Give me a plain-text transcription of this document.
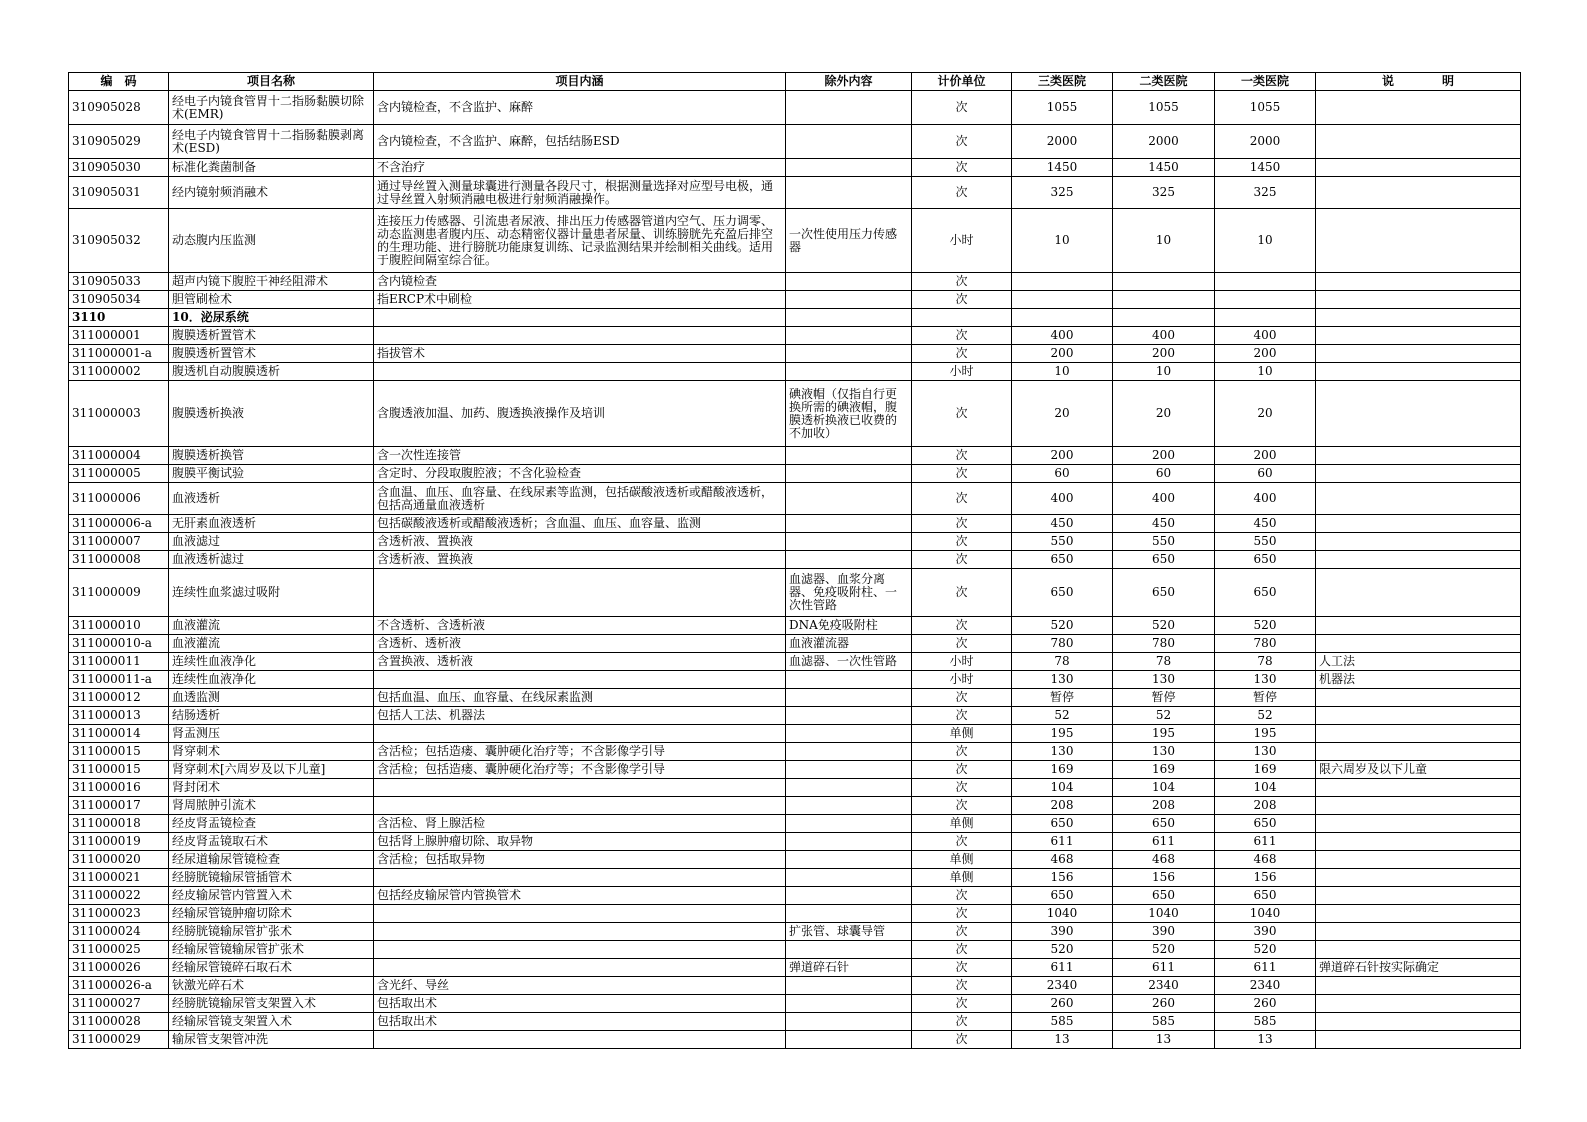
编　码	项目名称	项目内涵	除外内容	计价单位	三类医院	二类医院	一类医院	说　　　　明
310905028	经电子内镜食管胃十二指肠黏膜切除术(EMR)	含内镜检查，不含监护、麻醉		次	1055	1055	1055	
310905029	经电子内镜食管胃十二指肠黏膜剥离术(ESD)	含内镜检查，不含监护、麻醉，包括结肠ESD		次	2000	2000	2000	
310905030	标准化粪菌制备	不含治疗		次	1450	1450	1450	
310905031	经内镜射频消融术	通过导丝置入测量球囊进行测量各段尺寸，根据测量选择对应型号电极，通过导丝置入射频消融电极进行射频消融操作。		次	325	325	325	
310905032	动态腹内压监测	连接压力传感器、引流患者尿液、排出压力传感器管道内空气、压力调零、动态监测患者腹内压、动态精密仪器计量患者尿量、训练膀胱先充盈后排空的生理功能、进行膀胱功能康复训练、记录监测结果并绘制相关曲线。适用于腹腔间隔室综合征。	一次性使用压力传感器	小时	10	10	10	
310905033	超声内镜下腹腔干神经阻滞术	含内镜检查		次				
310905034	胆管刷检术	指ERCP术中刷检		次				
3110	10．泌尿系统							
311000001	腹膜透析置管术			次	400	400	400	
311000001-a	腹膜透析置管术	指拔管术		次	200	200	200	
311000002	腹透机自动腹膜透析			小时	10	10	10	
311000003	腹膜透析换液	含腹透液加温、加药、腹透换液操作及培训	碘液帽（仅指自行更换所需的碘液帽，腹膜透析换液已收费的不加收）	次	20	20	20	
311000004	腹膜透析换管	含一次性连接管		次	200	200	200	
311000005	腹膜平衡试验	含定时、分段取腹腔液；不含化验检查		次	60	60	60	
311000006	血液透析	含血温、血压、血容量、在线尿素等监测，包括碳酸液透析或醋酸液透析，包括高通量血液透析		次	400	400	400	
311000006-a	无肝素血液透析	包括碳酸液透析或醋酸液透析；含血温、血压、血容量、监测		次	450	450	450	
311000007	血液滤过	含透析液、置换液		次	550	550	550	
311000008	血液透析滤过	含透析液、置换液		次	650	650	650	
311000009	连续性血浆滤过吸附		血滤器、血浆分离器、免疫吸附柱、一次性管路	次	650	650	650	
311000010	血液灌流	不含透析、含透析液	DNA免疫吸附柱	次	520	520	520	
311000010-a	血液灌流	含透析、透析液	血液灌流器	次	780	780	780	
311000011	连续性血液净化	含置换液、透析液	血滤器、一次性管路	小时	78	78	78	人工法
311000011-a	连续性血液净化			小时	130	130	130	机器法
311000012	血透监测	包括血温、血压、血容量、在线尿素监测		次	暂停	暂停	暂停	
311000013	结肠透析	包括人工法、机器法		次	52	52	52	
311000014	肾盂测压			单侧	195	195	195	
311000015	肾穿刺术	含活检；包括造瘘、囊肿硬化治疗等；不含影像学引导		次	130	130	130	
311000015	肾穿刺术[六周岁及以下儿童]	含活检；包括造瘘、囊肿硬化治疗等；不含影像学引导		次	169	169	169	限六周岁及以下儿童
311000016	肾封闭术			次	104	104	104	
311000017	肾周脓肿引流术			次	208	208	208	
311000018	经皮肾盂镜检查	含活检、肾上腺活检		单侧	650	650	650	
311000019	经皮肾盂镜取石术	包括肾上腺肿瘤切除、取异物		次	611	611	611	
311000020	经尿道输尿管镜检查	含活检；包括取异物		单侧	468	468	468	
311000021	经膀胱镜输尿管插管术			单侧	156	156	156	
311000022	经皮输尿管内管置入术	包括经皮输尿管内管换管术		次	650	650	650	
311000023	经输尿管镜肿瘤切除术			次	1040	1040	1040	
311000024	经膀胱镜输尿管扩张术		扩张管、球囊导管	次	390	390	390	
311000025	经输尿管镜输尿管扩张术			次	520	520	520	
311000026	经输尿管镜碎石取石术		弹道碎石针	次	611	611	611	弹道碎石针按实际确定
311000026-a	钬激光碎石术	含光纤、导丝		次	2340	2340	2340	
311000027	经膀胱镜输尿管支架置入术	包括取出术		次	260	260	260	
311000028	经输尿管镜支架置入术	包括取出术		次	585	585	585	
311000029	输尿管支架管冲洗			次	13	13	13	
